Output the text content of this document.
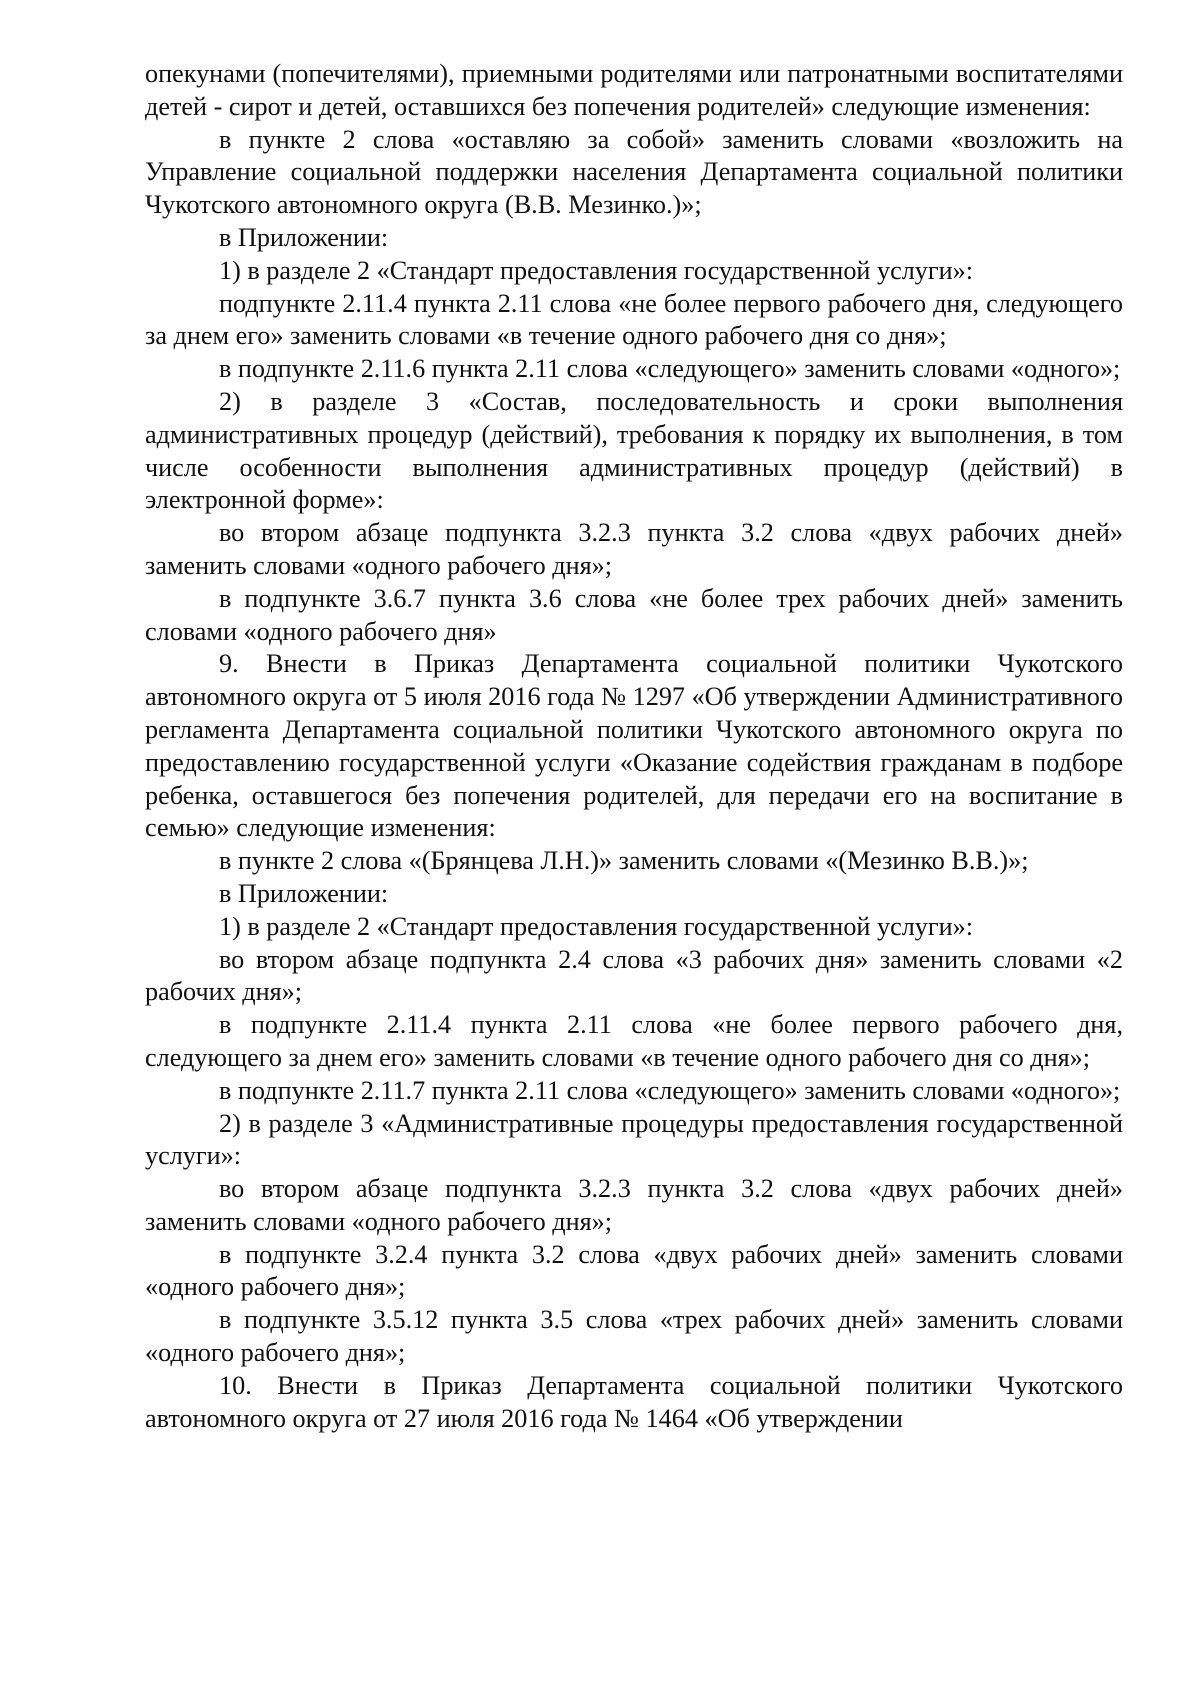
опекунами (попечителями), приемными родителями или патронатными воспитателями детей - сирот и детей, оставшихся без попечения родителей» следующие изменения:

в пункте 2 слова «оставляю за собой» заменить словами «возложить на Управление социальной поддержки населения Департамента социальной политики Чукотского автономного округа (В.В. Мезинко.)»;

в Приложении:

1) в разделе 2 «Стандарт предоставления государственной услуги»:

подпункте 2.11.4 пункта 2.11 слова «не более первого рабочего дня, следующего за днем его» заменить словами «в течение одного рабочего дня со дня»;

в подпункте 2.11.6 пункта 2.11 слова «следующего» заменить словами «одного»;

2) в разделе 3 «Состав, последовательность и сроки выполнения административных процедур (действий), требования к порядку их выполнения, в том числе особенности выполнения административных процедур (действий) в электронной форме»:

во втором абзаце подпункта 3.2.3 пункта 3.2 слова «двух рабочих дней» заменить словами «одного рабочего дня»;

в подпункте 3.6.7 пункта 3.6 слова «не более трех рабочих дней» заменить словами «одного рабочего дня»

9. Внести в Приказ Департамента социальной политики Чукотского автономного округа от 5 июля 2016 года № 1297 «Об утверждении Административного регламента Департамента социальной политики Чукотского автономного округа по предоставлению государственной услуги «Оказание содействия гражданам в подборе ребенка, оставшегося без попечения родителей, для передачи его на воспитание в семью» следующие изменения:

в пункте 2 слова «(Брянцева Л.Н.)» заменить словами «(Мезинко В.В.)»;

в Приложении:

1) в разделе 2 «Стандарт предоставления государственной услуги»:

во втором абзаце подпункта 2.4 слова «3 рабочих дня» заменить словами «2 рабочих дня»;

в подпункте 2.11.4 пункта 2.11 слова «не более первого рабочего дня, следующего за днем его» заменить словами «в течение одного рабочего дня со дня»;

в подпункте 2.11.7 пункта 2.11 слова «следующего» заменить словами «одного»;

2) в разделе 3 «Административные процедуры предоставления государственной услуги»:

во втором абзаце подпункта 3.2.3 пункта 3.2 слова «двух рабочих дней» заменить словами «одного рабочего дня»;

в подпункте 3.2.4 пункта 3.2 слова «двух рабочих дней» заменить словами «одного рабочего дня»;

в подпункте 3.5.12 пункта 3.5 слова «трех рабочих дней» заменить словами «одного рабочего дня»;

10. Внести в Приказ Департамента социальной политики Чукотского автономного округа от 27 июля 2016 года № 1464 «Об утверждении
